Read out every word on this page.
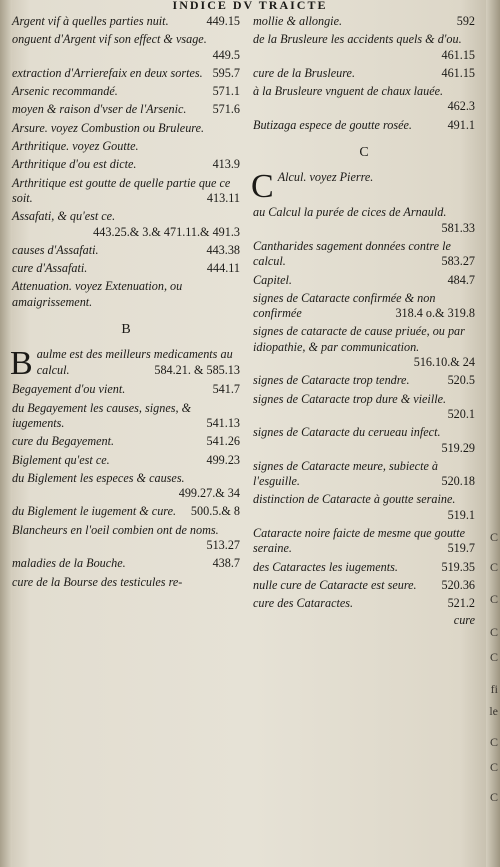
INDICE DV TRAICTE
Argent vif à quelles parties nuit.	449.15
onguent d'Argent vif son effect & vsage.
449.5
extraction d'Arrierefaix en deux sortes. 595.7
Arsenic recommandé.	571.1
moyen & raison d'vser de l'Arsenic. 571.6
Arsure. voyez Combustion ou Bruleure.
Arthritique. voyez Goutte.
Arthritique d'ou est dicte.	413.9
Arthritique est goutte de quelle partie que ce soit.	413.11
Assafati, & qu'est ce.
443.25.& 3.& 471.11.& 491.3
causes d'Assafati.	443.38
cure d'Assafati.	444.11
Attenuation. voyez Extenuation, ou amaigrissement.
B
B aulme est des meilleurs medicaments au calcul.	584.21. & 585.13
Begayement d'ou vient.	541.7
du Begayement les causes, signes, & iugements.	541.13
cure du Begayement.	541.26
Biglement qu'est ce.	499.23
du Biglement les especes & causes.
499.27.& 34
du Biglement le iugement & cure. 500.5.& 8
Blancheurs en l'oeil combien ont de noms.
513.27
maladies de la Bouche.	438.7
cure de la Bourse des testicules re-
mollie & allongie.	592
de la Brusleure les accidents quels & d'ou.
461.15
cure de la Brusleure.	461.15
à la Brusleure vnguent de chaux lauée.
462.3
Butizaga espece de goutte rosée.	491.1
C
C Alcul. voyez Pierre.
au Calcul la purée de cices de Arnauld.
581.33
Cantharides sagement données contre le calcul.	583.27
Capitel.	484.7
signes de Cataracte confirmée & non confirmée	318.4 o.& 319.8
signes de cataracte de cause priuée, ou par idiopathie, & par communication.
516.10.& 24
signes de Cataracte trop tendre.	520.5
signes de Cataracte trop dure & vieille.
520.1
signes de Cataracte du cerueau infect.
519.29
signes de Cataracte meure, subiecte à l'esguille.	520.18
distinction de Cataracte à goutte seraine.
519.1
Cataracte noire faicte de mesme que goutte seraine.	519.7
des Cataractes les iugements.	519.35
nulle cure de Cataracte est seure. 520.36
cure des Cataractes.	521.2
cure
C
C
C
C
C
fi
le
C
C
C
